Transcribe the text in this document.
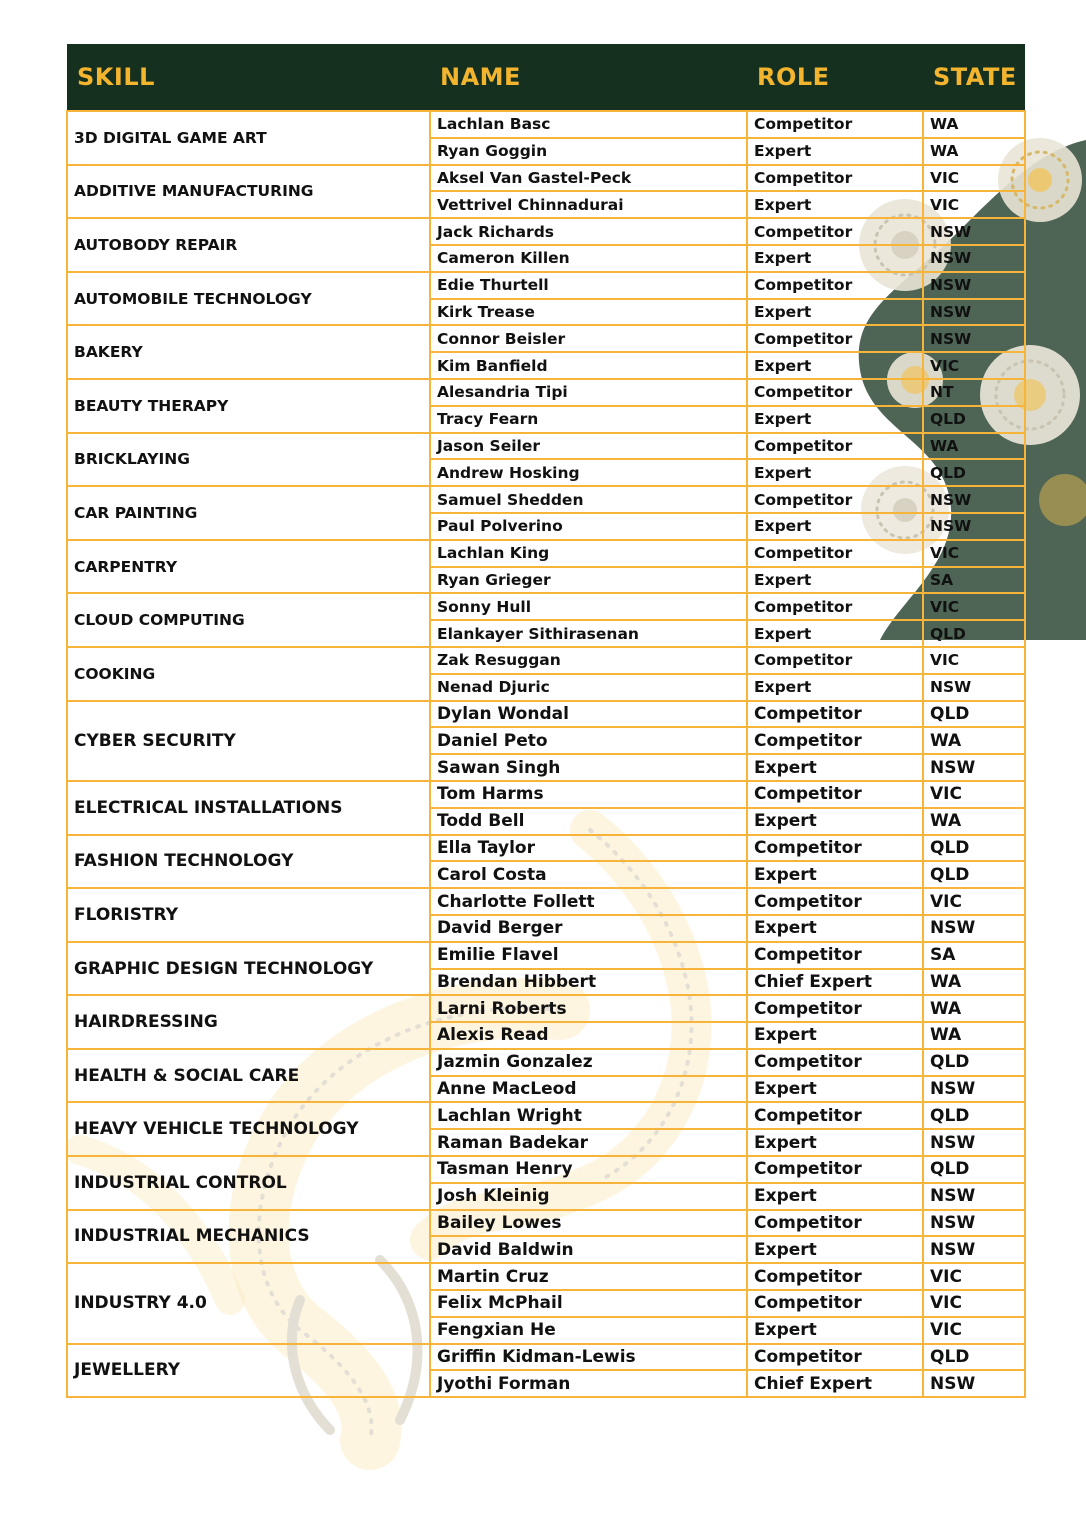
SKILL	NAME	ROLE	STATE
3D DIGITAL GAME ART	Lachlan Basc	Competitor	WA
	Ryan Goggin	Expert	WA
ADDITIVE MANUFACTURING	Aksel Van Gastel-Peck	Competitor	VIC
	Vettrivel Chinnadurai	Expert	VIC
AUTOBODY REPAIR	Jack Richards	Competitor	NSW
	Cameron Killen	Expert	NSW
AUTOMOBILE TECHNOLOGY	Edie Thurtell	Competitor	NSW
	Kirk Trease	Expert	NSW
BAKERY	Connor Beisler	Competitor	NSW
	Kim Banfield	Expert	VIC
BEAUTY THERAPY	Alesandria Tipi	Competitor	NT
	Tracy Fearn	Expert	QLD
BRICKLAYING	Jason Seiler	Competitor	WA
	Andrew Hosking	Expert	QLD
CAR PAINTING	Samuel Shedden	Competitor	NSW
	Paul Polverino	Expert	NSW
CARPENTRY	Lachlan King	Competitor	VIC
	Ryan Grieger	Expert	SA
CLOUD COMPUTING	Sonny Hull	Competitor	VIC
	Elankayer Sithirasenan	Expert	QLD
COOKING	Zak Resuggan	Competitor	VIC
	Nenad Djuric	Expert	NSW
CYBER SECURITY	Dylan Wondal	Competitor	QLD
	Daniel Peto	Competitor	WA
	Sawan Singh	Expert	NSW
ELECTRICAL INSTALLATIONS	Tom Harms	Competitor	VIC
	Todd Bell	Expert	WA
FASHION TECHNOLOGY	Ella Taylor	Competitor	QLD
	Carol Costa	Expert	QLD
FLORISTRY	Charlotte Follett	Competitor	VIC
	David Berger	Expert	NSW
GRAPHIC DESIGN TECHNOLOGY	Emilie Flavel	Competitor	SA
	Brendan Hibbert	Chief Expert	WA
HAIRDRESSING	Larni Roberts	Competitor	WA
	Alexis Read	Expert	WA
HEALTH & SOCIAL CARE	Jazmin Gonzalez	Competitor	QLD
	Anne MacLeod	Expert	NSW
HEAVY VEHICLE TECHNOLOGY	Lachlan Wright	Competitor	QLD
	Raman Badekar	Expert	NSW
INDUSTRIAL CONTROL	Tasman Henry	Competitor	QLD
	Josh Kleinig	Expert	NSW
INDUSTRIAL MECHANICS	Bailey Lowes	Competitor	NSW
	David Baldwin	Expert	NSW
INDUSTRY 4.0	Martin Cruz	Competitor	VIC
	Felix McPhail	Competitor	VIC
	Fengxian He	Expert	VIC
JEWELLERY	Griffin Kidman-Lewis	Competitor	QLD
	Jyothi Forman	Chief Expert	NSW
